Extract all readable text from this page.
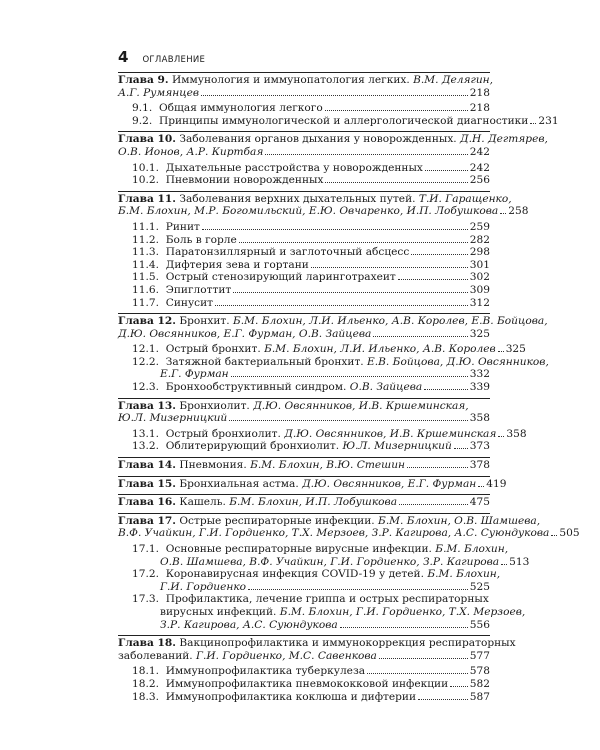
4 ОГЛАВЛЕНИЕ
Глава 9. Иммунология и иммунопатология легких. В.М. Делягин,
А.Г. Румянцев	218
9.1. Общая иммунология легкого	218
9.2. Принципы иммунологической и аллергологической диагностики 231
Глава 10. Заболевания органов дыхания у новорожденных. Д.Н. Дегтярев,
О.В. Ионов, А.Р. Киртбая	242
10.1. Дыхательные расстройства у новорожденных	242
10.2. Пневмонии новорожденных	256
Глава 11. Заболевания верхних дыхательных путей. Т.И. Гаращенко,
Б.М. Блохин, М.Р. Богомильский, Е.Ю. Овчаренко, И.П. Лобушкова 258
11.1. Ринит	259
11.2. Боль в горле	282
11.3. Паратонзиллярный и заглоточный абсцесс	298
11.4. Дифтерия зева и гортани	301
11.5. Острый стенозирующий ларинготрахеит	302
11.6. Эпиглоттит	309
11.7. Синусит	312
Глава 12. Бронхит. Б.М. Блохин, Л.И. Ильенко, А.В. Королев, Е.В. Бойцова,
Д.Ю. Овсянников, Е.Г. Фурман, О.В. Зайцева	325
12.1. Острый бронхит. Б.М. Блохин, Л.И. Ильенко, А.В. Королев 325
12.2. Затяжной бактериальный бронхит. Е.В. Бойцова, Д.Ю. Овсянников,
Е.Г. Фурман	332
12.3. Бронхообструктивный синдром. О.В. Зайцева	339
Глава 13. Бронхиолит. Д.Ю. Овсянников, И.В. Кршеминская,
Ю.Л. Мизерницкий	358
13.1. Острый бронхиолит. Д.Ю. Овсянников, И.В. Кршеминская 358
13.2. Облитерирующий бронхиолит. Ю.Л. Мизерницкий 373
Глава 14. Пневмония. Б.М. Блохин, В.Ю. Стешин	378
Глава 15. Бронхиальная астма. Д.Ю. Овсянников, Е.Г. Фурман 419
Глава 16. Кашель. Б.М. Блохин, И.П. Лобушкова	475
Глава 17. Острые респираторные инфекции. Б.М. Блохин, О.В. Шамшева,
В.Ф. Учайкин, Г.И. Гордиенко, Т.Х. Мерзоев, З.Р. Кагирова, А.С. Суюндукова 505
17.1. Основные респираторные вирусные инфекции. Б.М. Блохин,
О.В. Шамшева, В.Ф. Учайкин, Г.И. Гордиенко, З.Р. Кагирова 513
17.2. Коронавирусная инфекция COVID-19 у детей. Б.М. Блохин,
Г.И. Гордиенко	525
17.3. Профилактика, лечение гриппа и острых респираторных
вирусных инфекций. Б.М. Блохин, Г.И. Гордиенко, Т.Х. Мерзоев,
З.Р. Кагирова, А.С. Суюндукова	556
Глава 18. Вакцинопрофилактика и иммунокоррекция респираторных
заболеваний. Г.И. Гордиенко, М.С. Савенкова	577
18.1. Иммунопрофилактика туберкулеза	578
18.2. Иммунопрофилактика пневмококковой инфекции 582
18.3. Иммунопрофилактика коклюша и дифтерии	587
